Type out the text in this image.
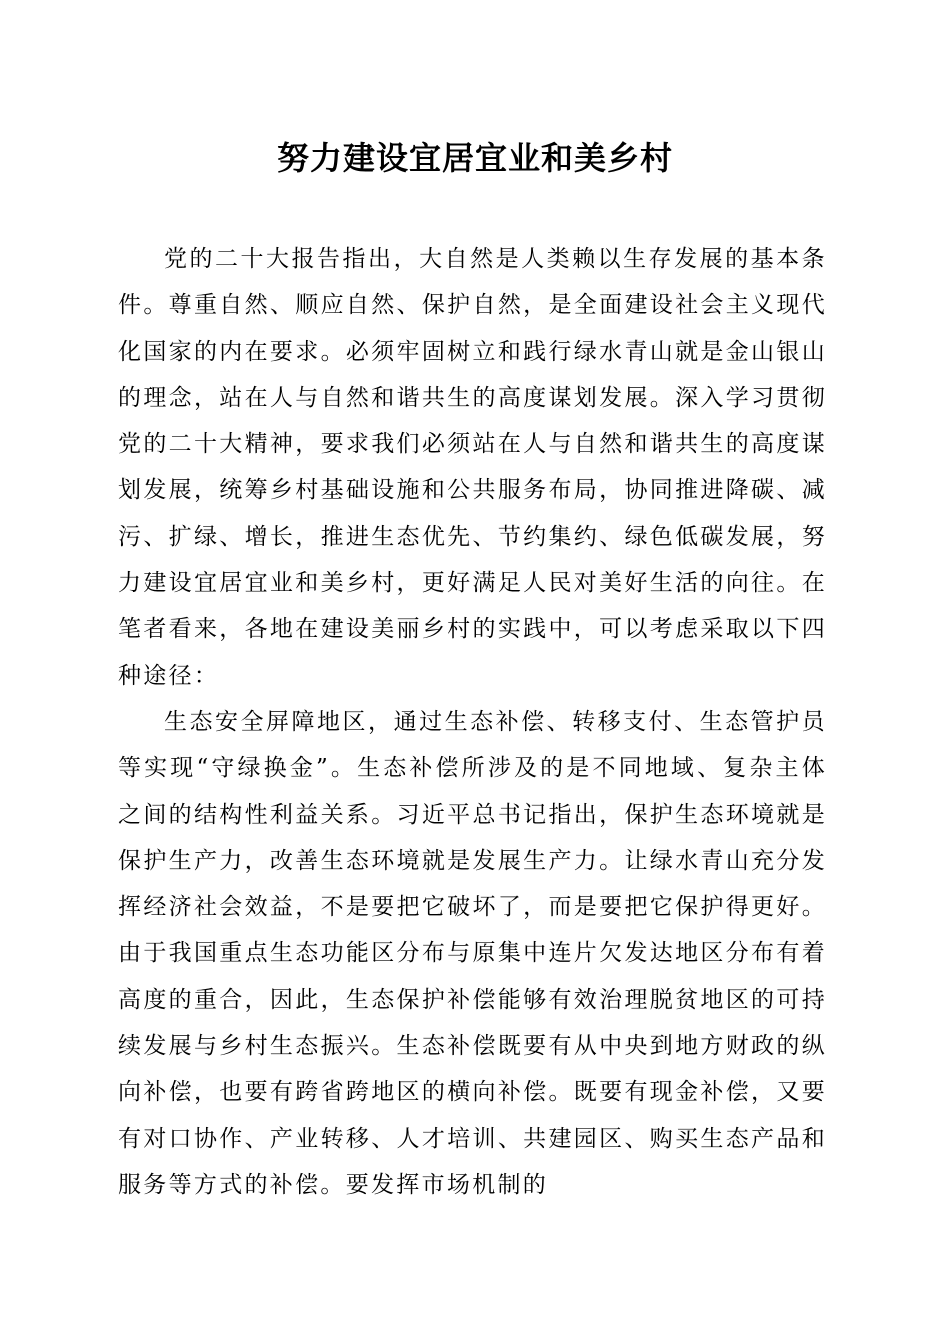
努力建设宜居宜业和美乡村

党的二十大报告指出，大自然是人类赖以生存发展的基本条件。尊重自然、顺应自然、保护自然，是全面建设社会主义现代化国家的内在要求。必须牢固树立和践行绿水青山就是金山银山的理念，站在人与自然和谐共生的高度谋划发展。深入学习贯彻党的二十大精神，要求我们必须站在人与自然和谐共生的高度谋划发展，统筹乡村基础设施和公共服务布局，协同推进降碳、减污、扩绿、增长，推进生态优先、节约集约、绿色低碳发展，努力建设宜居宜业和美乡村，更好满足人民对美好生活的向往。在笔者看来，各地在建设美丽乡村的实践中，可以考虑采取以下四种途径：

生态安全屏障地区，通过生态补偿、转移支付、生态管护员等实现“守绿换金”。生态补偿所涉及的是不同地域、复杂主体之间的结构性利益关系。习近平总书记指出，保护生态环境就是保护生产力，改善生态环境就是发展生产力。让绿水青山充分发挥经济社会效益，不是要把它破坏了，而是要把它保护得更好。由于我国重点生态功能区分布与原集中连片欠发达地区分布有着高度的重合，因此，生态保护补偿能够有效治理脱贫地区的可持续发展与乡村生态振兴。生态补偿既要有从中央到地方财政的纵向补偿，也要有跨省跨地区的横向补偿。既要有现金补偿，又要有对口协作、产业转移、人才培训、共建园区、购买生态产品和服务等方式的补偿。要发挥市场机制的
